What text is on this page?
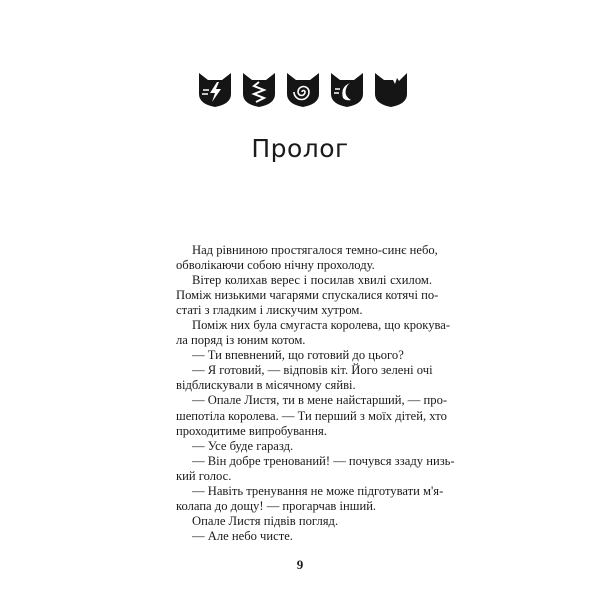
Пролог
Над рівниною простягалося темно-синє небо,
обволікаючи собою нічну прохолоду.
Вітер колихав верес і посилав хвилі схилом.
Поміж низькими чагарями спускалися котячі по-
статі з гладким і лискучим хутром.
Поміж них була смугаста королева, що крокува-
ла поряд із юним котом.
— Ти впевнений, що готовий до цього?
— Я готовий, — відповів кіт. Його зелені очі
відблискували в місячному сяйві.
— Опале Листя, ти в мене найстарший, — про-
шепотіла королева. — Ти перший з моїх дітей, хто
проходитиме випробування.
— Усе буде гаразд.
— Він добре тренований! — почувся ззаду низь-
кий голос.
— Навіть тренування не може підготувати м'я-
колапа до дощу! — прогарчав інший.
Опале Листя підвів погляд.
— Але небо чисте.
9
